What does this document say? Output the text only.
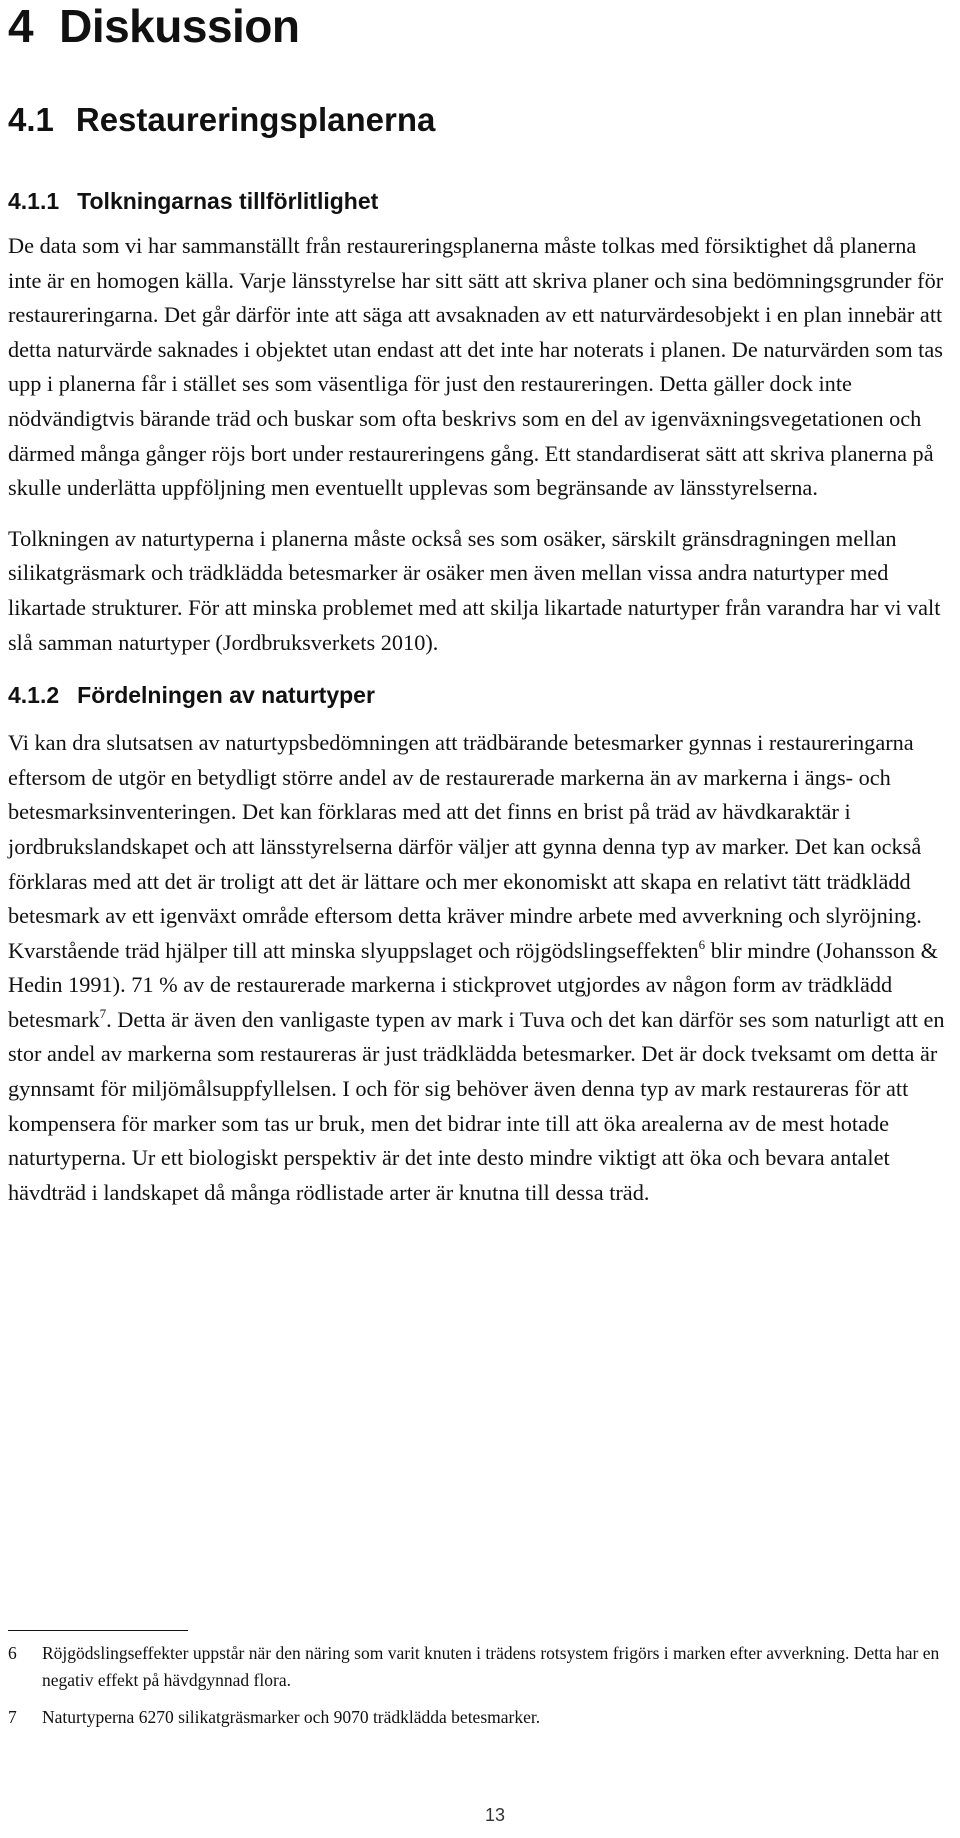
4 Diskussion
4.1 Restaureringsplanerna
4.1.1 Tolkningarnas tillförlitlighet

De data som vi har sammanställt från restaureringsplanerna måste tolkas med försiktighet då planerna inte är en homogen källa. Varje länsstyrelse har sitt sätt att skriva planer och sina bedömningsgrunder för restaureringarna. Det går därför inte att säga att avsaknaden av ett naturvärdesobjekt i en plan innebär att detta naturvärde saknades i objektet utan endast att det inte har noterats i planen. De naturvärden som tas upp i planerna får i stället ses som väsentliga för just den restaureringen. Detta gäller dock inte nödvändigtvis bärande träd och buskar som ofta beskrivs som en del av igenväxningsvegetationen och därmed många gånger röjs bort under restaureringens gång. Ett standardiserat sätt att skriva planerna på skulle underlätta uppföljning men eventuellt upplevas som begränsande av länsstyrelserna.

Tolkningen av naturtyperna i planerna måste också ses som osäker, särskilt gränsdragningen mellan silikatgräsmark och trädklädda betesmarker är osäker men även mellan vissa andra naturtyper med likartade strukturer. För att minska problemet med att skilja likartade naturtyper från varandra har vi valt slå samman naturtyper (Jordbruksverkets 2010).

4.1.2 Fördelningen av naturtyper

Vi kan dra slutsatsen av naturtypsbedömningen att trädbärande betesmarker gynnas i restaureringarna eftersom de utgör en betydligt större andel av de restaurerade markerna än av markerna i ängs- och betesmarksinventeringen. Det kan förklaras med att det finns en brist på träd av hävdkaraktär i jordbrukslandskapet och att länsstyrelserna därför väljer att gynna denna typ av marker. Det kan också förklaras med att det är troligt att det är lättare och mer ekonomiskt att skapa en relativt tätt trädklädd betesmark av ett igenväxt område eftersom detta kräver mindre arbete med avverkning och slyröjning. Kvarstående träd hjälper till att minska slyuppslaget och röjgödslingseffekten$^6$ blir mindre (Johansson & Hedin 1991). 71 % av de restaurerade markerna i stickprovet utgjordes av någon form av trädklädd betesmark$^7$. Detta är även den vanligaste typen av mark i Tuva och det kan därför ses som naturligt att en stor andel av markerna som restaureras är just trädklädda betesmarker. Det är dock tveksamt om detta är gynnsamt för miljömålsuppfyllelsen. I och för sig behöver även denna typ av mark restaureras för att kompensera för marker som tas ur bruk, men det bidrar inte till att öka arealerna av de mest hotade naturtyperna. Ur ett biologiskt perspektiv är det inte desto mindre viktigt att öka och bevara antalet hävdträd i landskapet då många rödlistade arter är knutna till dessa träd.

6	Röjgödslingseffekter uppstår när den näring som varit knuten i trädens rotsystem frigörs i marken efter avverkning. Detta har en negativ effekt på hävdgynnad flora.
7	Naturtyperna 6270 silikatgräsmarker och 9070 trädklädda betesmarker.
13
